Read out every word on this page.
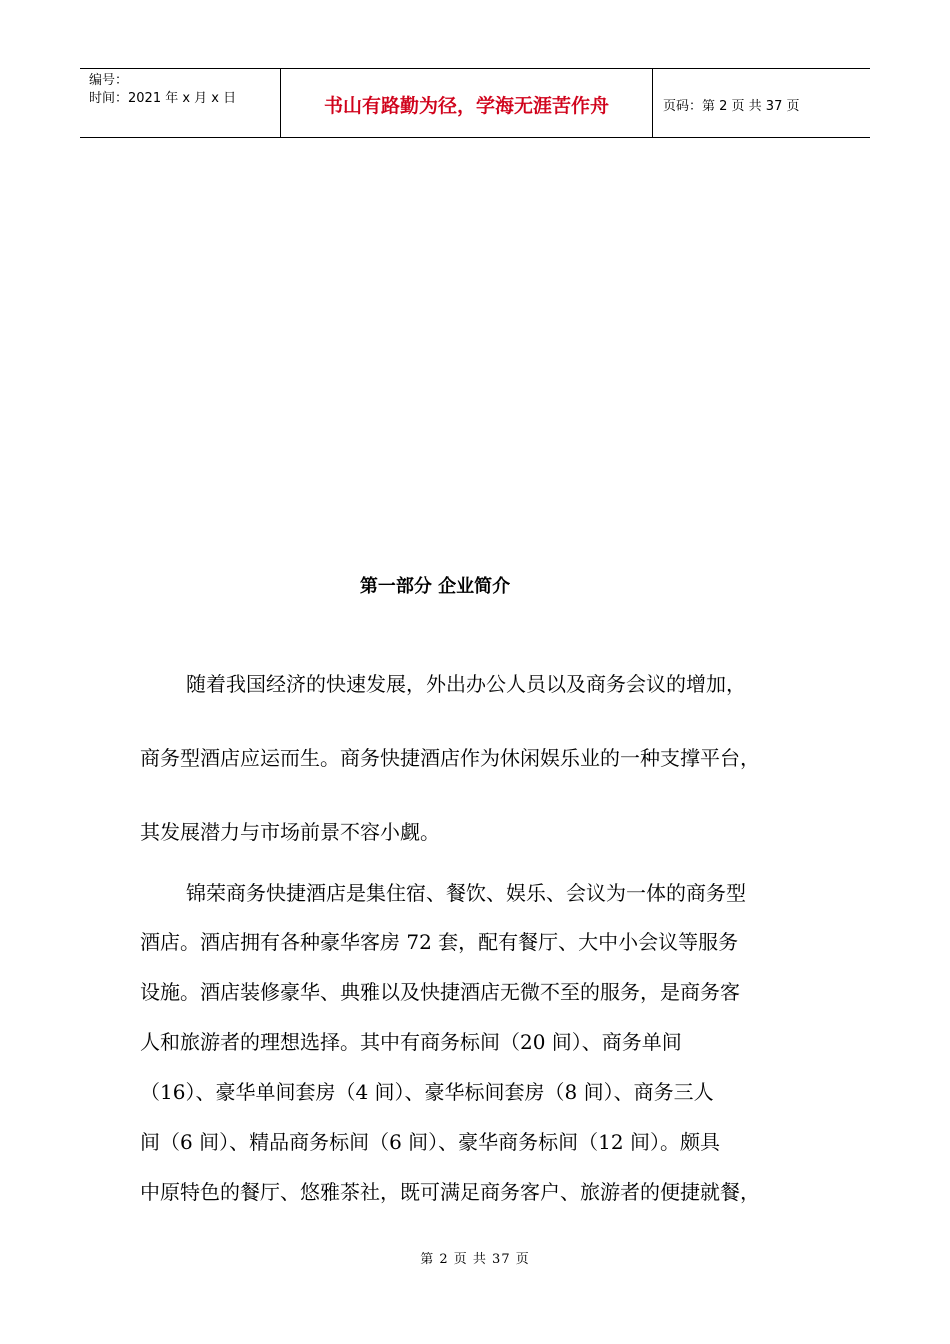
编号：
时间：2021 年 x 月 x 日	书山有路勤为径，学海无涯苦作舟	页码：第 2 页 共 37 页
第一部分 企业简介
随着我国经济的快速发展，外出办公人员以及商务会议的增加，
商务型酒店应运而生。商务快捷酒店作为休闲娱乐业的一种支撑平台，
其发展潜力与市场前景不容小觑。
锦荣商务快捷酒店是集住宿、餐饮、娱乐、会议为一体的商务型
酒店。酒店拥有各种豪华客房 72 套，配有餐厅、大中小会议等服务
设施。酒店装修豪华、典雅以及快捷酒店无微不至的服务，是商务客
人和旅游者的理想选择。其中有商务标间（20 间）、商务单间
（16）、豪华单间套房（4 间）、豪华标间套房（8 间）、商务三人
间（6 间）、精品商务标间（6 间）、豪华商务标间（12 间）。颇具
中原特色的餐厅、悠雅茶社，既可满足商务客户、旅游者的便捷就餐，
第 2 页 共 37 页
